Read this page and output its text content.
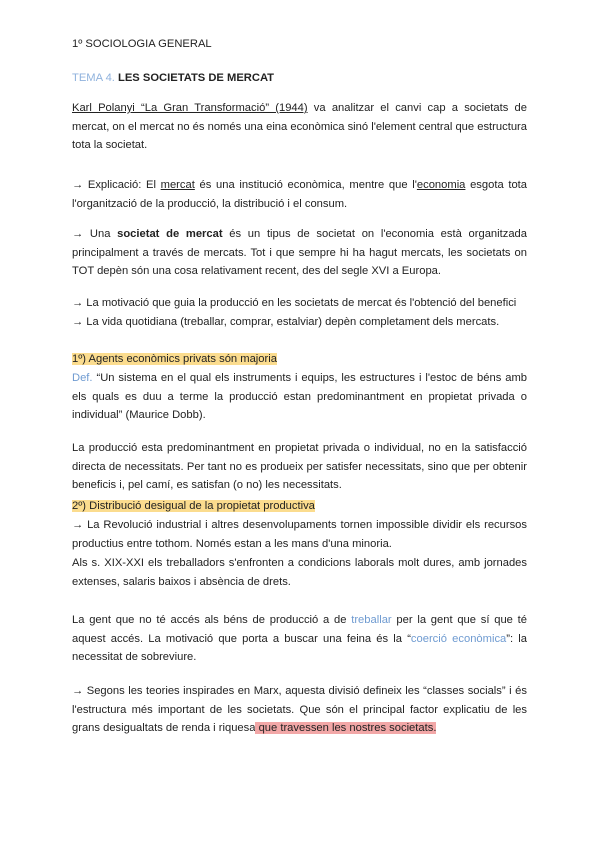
1º SOCIOLOGIA GENERAL
TEMA 4. LES SOCIETATS DE MERCAT

Karl Polanyi “La Gran Transformació” (1944) va analitzar el canvi cap a societats de mercat, on el mercat no és només una eina econòmica sinó l'element central que estructura tota la societat.

→ Explicació: El mercat és una institució econòmica, mentre que l'economia esgota tota l'organització de la producció, la distribució i el consum.

→ Una societat de mercat és un tipus de societat on l'economia està organitzada principalment a través de mercats. Tot i que sempre hi ha hagut mercats, les societats on TOT depèn són una cosa relativament recent, des del segle XVI a Europa.

→ La motivació que guia la producció en les societats de mercat és l'obtenció del benefici
→ La vida quotidiana (treballar, comprar, estalviar) depèn completament dels mercats.
1º) Agents econòmics privats són majoria

Def. “Un sistema en el qual els instruments i equips, les estructures i l'estoc de béns amb els quals es duu a terme la producció estan predominantment en propietat privada o individual” (Maurice Dobb).

La producció esta predominantment en propietat privada o individual, no en la satisfacció directa de necessitats. Per tant no es produeix per satisfer necessitats, sino que per obtenir beneficis i, pel camí, es satisfan (o no) les necessitats.

2º) Distribució desigual de la propietat productiva

→ La Revolució industrial i altres desenvolupaments tornen impossible dividir els recursos productius entre tothom. Només estan a les mans d'una minoria.

Als s. XIX-XXI els treballadors s'enfronten a condicions laborals molt dures, amb jornades extenses, salaris baixos i absència de drets.

La gent que no té accés als béns de producció a de treballar per la gent que sí que té aquest accés. La motivació que porta a buscar una feina és la “coerció econòmica”: la necessitat de sobreviure.

→ Segons les teories inspirades en Marx, aquesta divisió defineix les “classes socials” i és l'estructura més important de les societats. Que són el principal factor explicatiu de les grans desigualtats de renda i riquesa que travessen les nostres societats.
